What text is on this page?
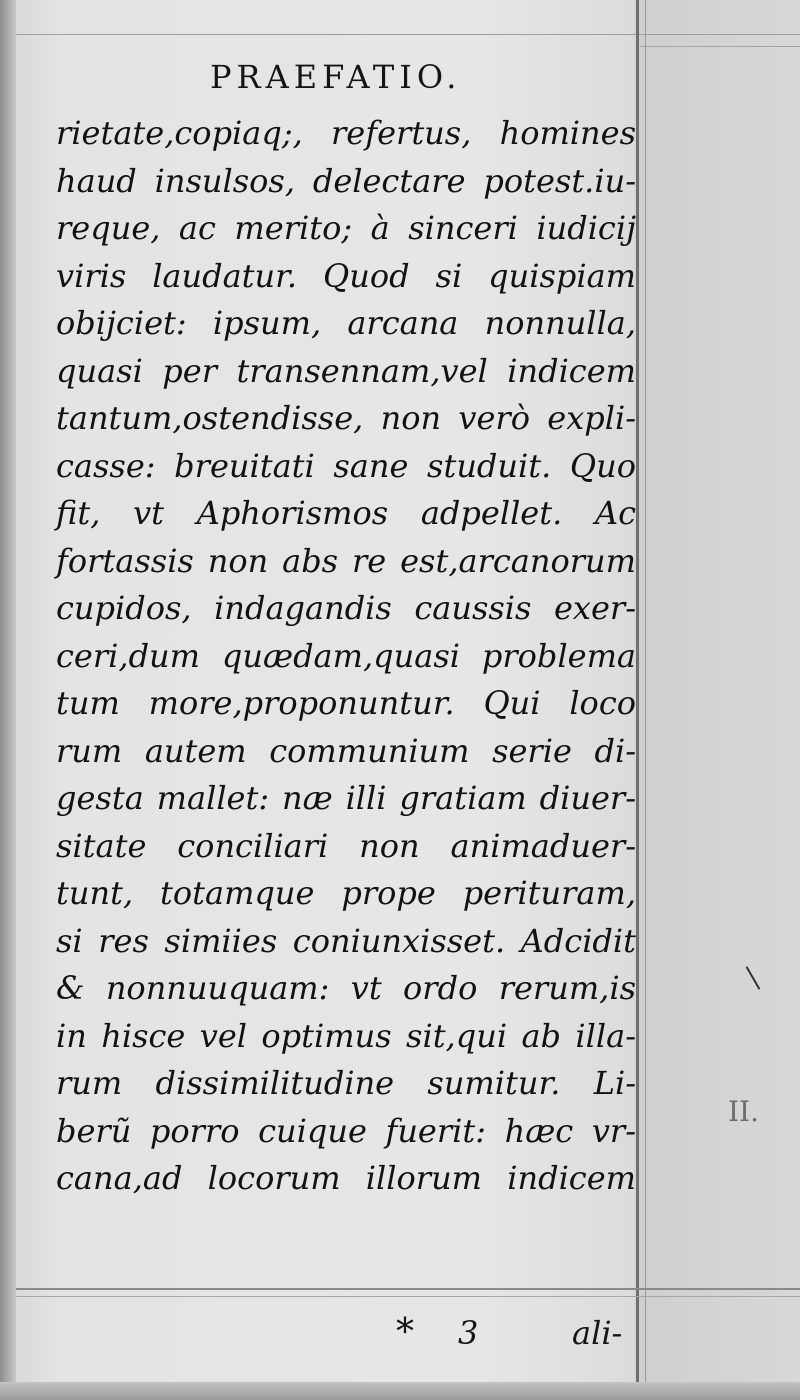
PRAEFATIO.
rietate,copiaq;, refertus, homines
haud insulsos, delectare potest.iu-
reque, ac merito; à sinceri iudicij
viris laudatur. Quod si quispiam
obijciet: ipsum, arcana nonnulla,
quasi per transennam,vel indicem
tantum,ostendisse, non verò expli-
casse: breuitati sane studuit. Quo
fit, vt Aphorismos adpellet. Ac
fortassis non abs re est,arcanorum
cupidos, indagandis caussis exer-
ceri,dum quædam,quasi problema
tum more,proponuntur. Qui loco
rum autem communium serie di-
gesta mallet: næ illi gratiam diuer-
sitate conciliari non animaduer-
tunt, totamque prope perituram,
si res simiies coniunxisset. Adcidit
& nonnuuquam: vt ordo rerum,is
in hisce vel optimus sit,qui ab illa-
rum dissimilitudine sumitur. Li-
berũ porro cuique fuerit: hæc vr-
cana,ad locorum illorum indicem
II.
* 3	ali-
